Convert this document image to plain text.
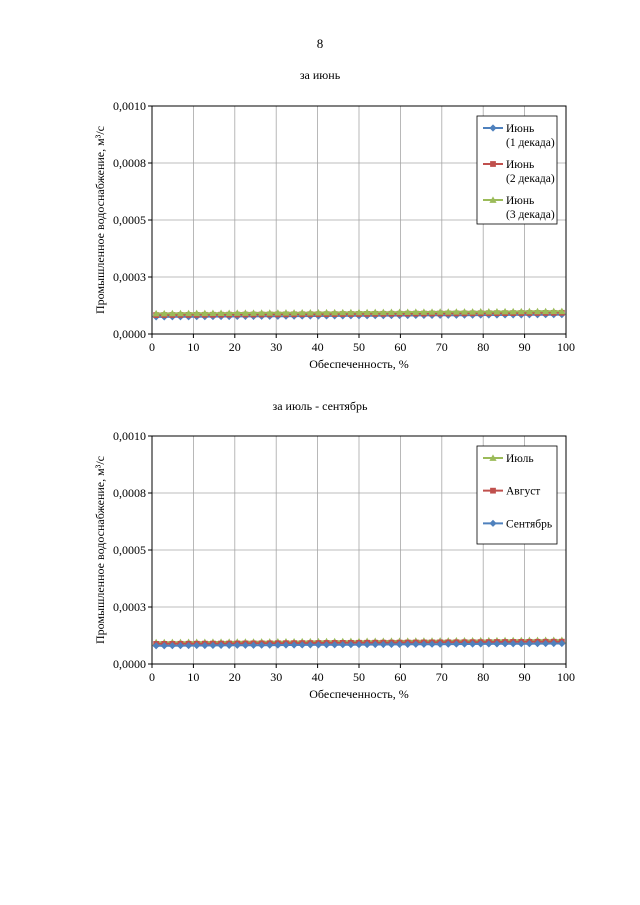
8
за июнь
0	10 20 30 40 50 60 70 80 90 100
0,0000
0,0003
0,0005
0,0008
0,0010
Обеспеченность, %
Промышленное водоснабжение, м³/с	Июнь
(1 декада)
Июнь
(2 декада)
Июнь
(3 декада)
за июль - сентябрь
0	10 20 30 40 50 60 70 80 90 100
0,0000
0,0003
0,0005
0,0008
0,0010
Обеспеченность, %
Промышленное водоснабжение, м³/с	Июль
Август
Сентябрь
